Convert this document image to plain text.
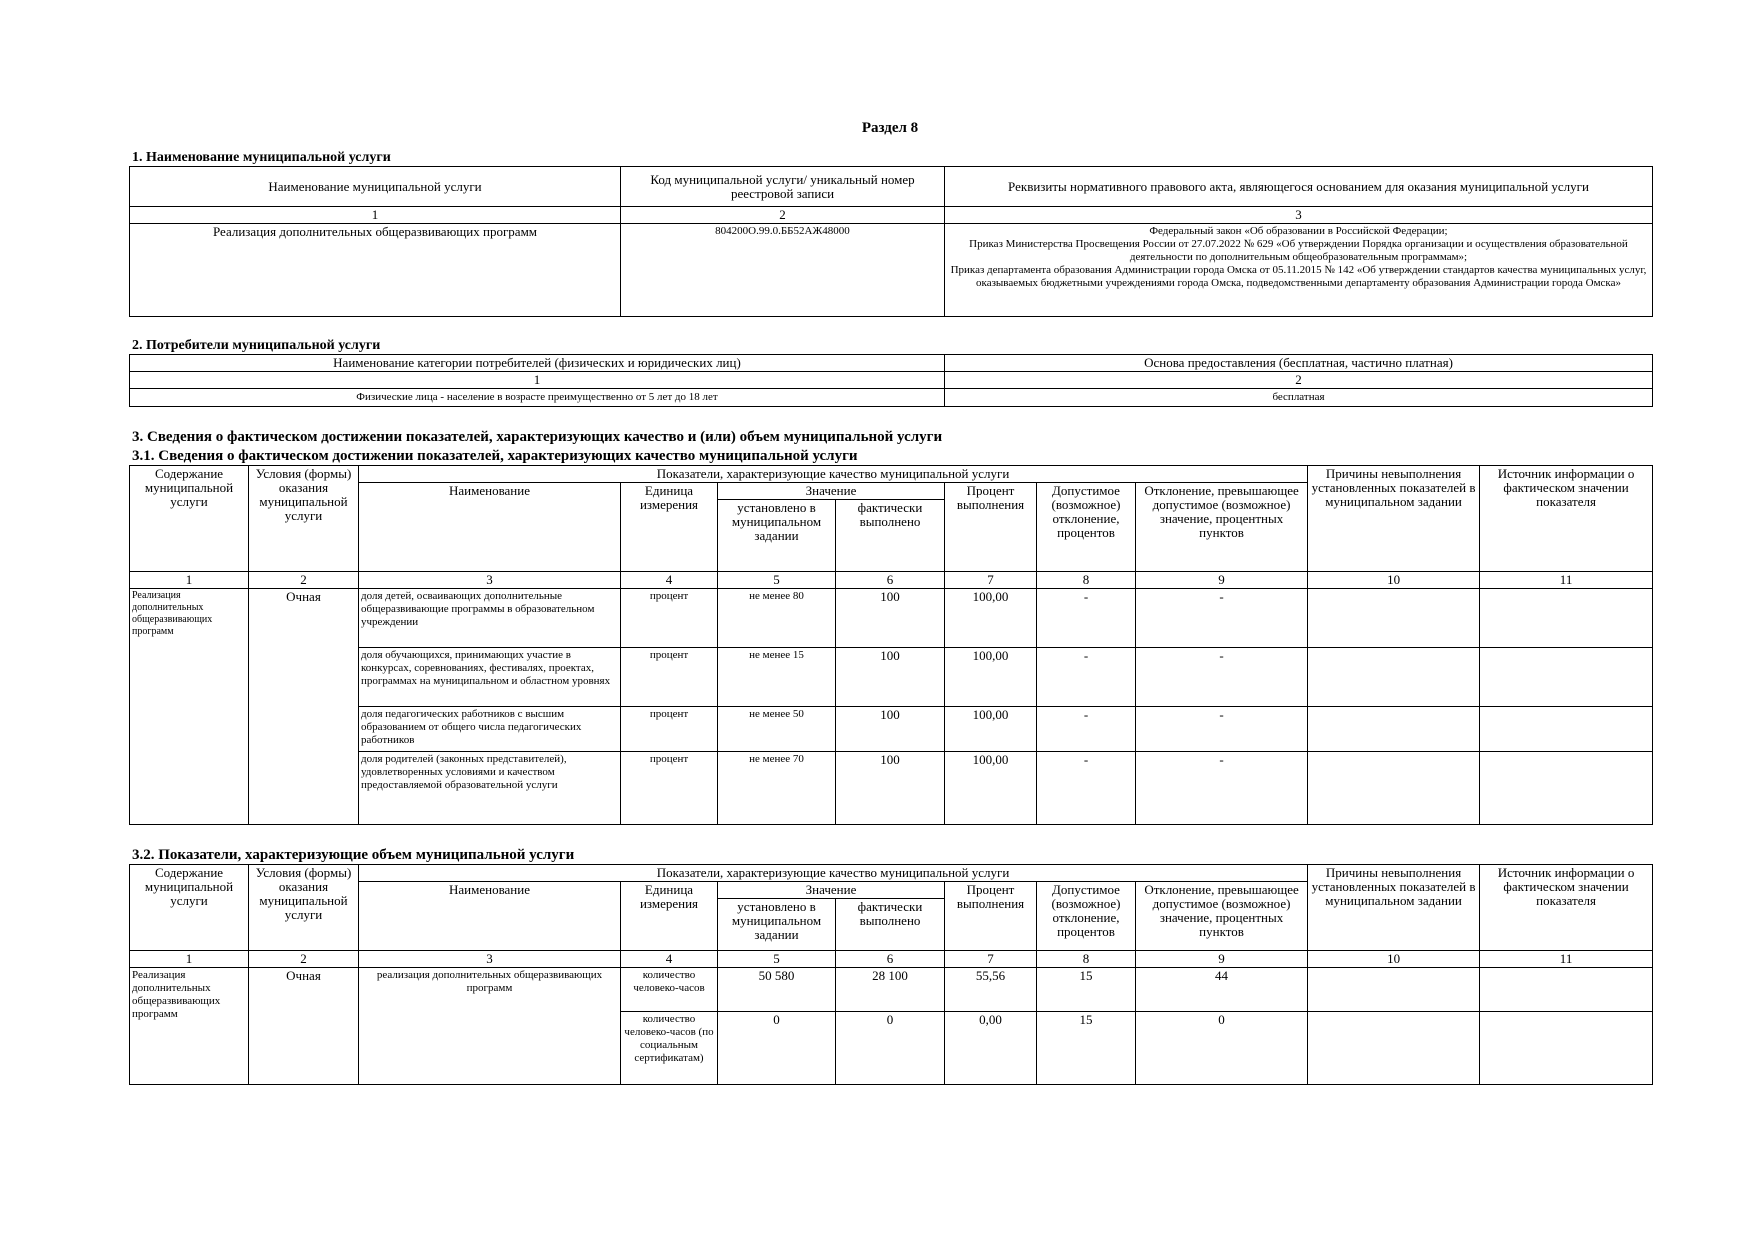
Раздел 8
1. Наименование муниципальной услуги
Наименование муниципальной услуги	Код муниципальной услуги/ уникальный номер реестровой записи	Реквизиты нормативного правового акта, являющегося основанием для оказания муниципальной услуги
1	2	3
Реализация дополнительных общеразвивающих программ	804200О.99.0.ББ52АЖ48000	Федеральный закон «Об образовании в Российской Федерации;
Приказ Министерства Просвещения России от 27.07.2022 № 629 «Об утверждении Порядка организации и осуществления образовательной деятельности по дополнительным общеобразовательным программам»;
Приказ департамента образования Администрации города Омска от 05.11.2015 № 142 «Об утверждении стандартов качества муниципальных услуг, оказываемых бюджетными учреждениями города Омска, подведомственными департаменту образования Администрации города Омска»
2. Потребители муниципальной услуги
Наименование категории потребителей (физических и юридических лиц)	Основа предоставления (бесплатная, частично платная)
1	2
Физические лица - население в возрасте преимущественно от 5 лет до 18 лет	бесплатная
3. Сведения о фактическом достижении показателей, характеризующих качество и (или) объем муниципальной услуги
3.1. Сведения о фактическом достижении показателей, характеризующих качество муниципальной услуги
Содержание муниципальной услуги	Условия (формы) оказания муниципальной услуги	Показатели, характеризующие качество муниципальной услуги							Причины невыполнения установленных показателей в муниципальном задании	Источник информации о фактическом значении показателя
		Наименование	Единица измерения	Значение		Процент выполнения	Допустимое (возможное) отклонение, процентов	Отклонение, превышающее допустимое (возможное) значение, процентных пунктов		
				установлено в муниципальном задании	фактически выполнено					
1	2	3	4	5	6	7	8	9	10	11
Реализация дополнительных общеразвивающих программ	Очная	доля детей, осваивающих дополнительные общеразвивающие программы в образовательном учреждении	процент	не менее 80	100	100,00	-	-		
		доля обучающихся, принимающих участие в конкурсах, соревнованиях, фестивалях, проектах, программах на муниципальном и областном уровнях	процент	не менее 15	100	100,00	-	-		
		доля педагогических работников с высшим образованием от общего числа педагогических работников	процент	не менее 50	100	100,00	-	-		
		доля родителей (законных представителей), удовлетворенных условиями и качеством предоставляемой образовательной услуги	процент	не менее 70	100	100,00	-	-		
3.2. Показатели, характеризующие объем муниципальной услуги
Содержание муниципальной услуги	Условия (формы) оказания муниципальной услуги	Показатели, характеризующие качество муниципальной услуги							Причины невыполнения установленных показателей в муниципальном задании	Источник информации о фактическом значении показателя
		Наименование	Единица измерения	Значение		Процент выполнения	Допустимое (возможное) отклонение, процентов	Отклонение, превышающее допустимое (возможное) значение, процентных пунктов		
				установлено в муниципальном задании	фактически выполнено					
1	2	3	4	5	6	7	8	9	10	11
Реализация дополнительных общеразвивающих программ	Очная	реализация дополнительных общеразвивающих программ	количество человеко-часов	50 580	28 100	55,56	15	44		
			количество человеко-часов (по социальным сертификатам)	0	0	0,00	15	0		
